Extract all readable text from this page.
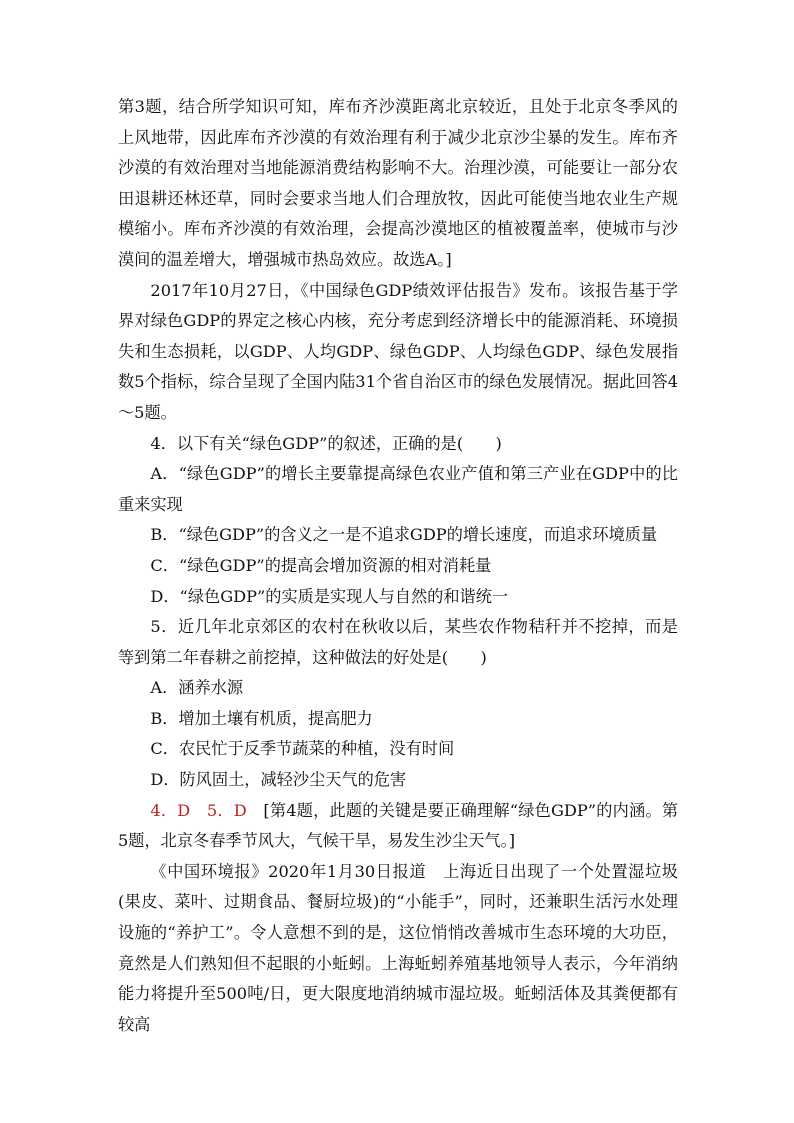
第3题，结合所学知识可知，库布齐沙漠距离北京较近，且处于北京冬季风的上风地带，因此库布齐沙漠的有效治理有利于减少北京沙尘暴的发生。库布齐沙漠的有效治理对当地能源消费结构影响不大。治理沙漠，可能要让一部分农田退耕还林还草，同时会要求当地人们合理放牧，因此可能使当地农业生产规模缩小。库布齐沙漠的有效治理，会提高沙漠地区的植被覆盖率，使城市与沙漠间的温差增大，增强城市热岛效应。故选A。]

2017年10月27日，《中国绿色GDP绩效评估报告》发布。该报告基于学界对绿色GDP的界定之核心内核，充分考虑到经济增长中的能源消耗、环境损失和生态损耗，以GDP、人均GDP、绿色GDP、人均绿色GDP、绿色发展指数5个指标，综合呈现了全国内陆31个省自治区市的绿色发展情况。据此回答4～5题。

4．以下有关“绿色GDP”的叙述，正确的是(　　)

A．“绿色GDP”的增长主要靠提高绿色农业产值和第三产业在GDP中的比重来实现

B．“绿色GDP”的含义之一是不追求GDP的增长速度，而追求环境质量

C．“绿色GDP”的提高会增加资源的相对消耗量

D．“绿色GDP”的实质是实现人与自然的和谐统一

5．近几年北京郊区的农村在秋收以后，某些农作物秸秆并不挖掉，而是等到第二年春耕之前挖掉，这种做法的好处是(　　)

A．涵养水源

B．增加土壤有机质，提高肥力

C．农民忙于反季节蔬菜的种植，没有时间

D．防风固土，减轻沙尘天气的危害

4．D　5．D　 [第4题，此题的关键是要正确理解“绿色GDP”的内涵。第5题，北京冬春季节风大，气候干旱，易发生沙尘天气。]

《中国环境报》2020年1月30日报道　上海近日出现了一个处置湿垃圾(果皮、菜叶、过期食品、餐厨垃圾)的“小能手”，同时，还兼职生活污水处理设施的“养护工”。令人意想不到的是，这位悄悄改善城市生态环境的大功臣，竟然是人们熟知但不起眼的小蚯蚓。上海蚯蚓养殖基地领导人表示，今年消纳能力将提升至500吨/日，更大限度地消纳城市湿垃圾。蚯蚓活体及其粪便都有较高
